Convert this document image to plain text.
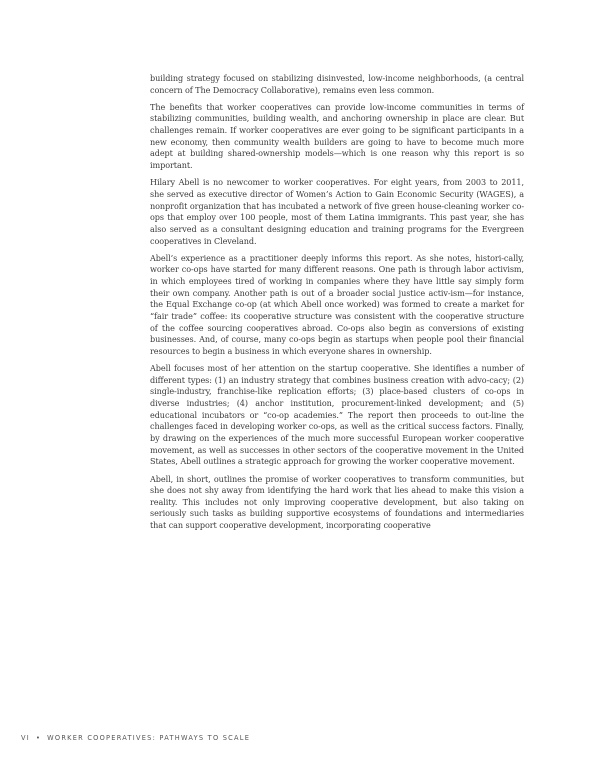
building strategy focused on stabilizing disinvested, low-income neighborhoods, (a central concern of The Democracy Collaborative), remains even less common.

The benefits that worker cooperatives can provide low-income communities in terms of stabilizing communities, building wealth, and anchoring ownership in place are clear. But challenges remain. If worker cooperatives are ever going to be significant participants in a new economy, then community wealth builders are going to have to become much more adept at building shared-ownership models—which is one reason why this report is so important.

Hilary Abell is no newcomer to worker cooperatives. For eight years, from 2003 to 2011, she served as executive director of Women’s Action to Gain Economic Security (WAGES), a nonprofit organization that has incubated a network of five green house-cleaning worker co-ops that employ over 100 people, most of them Latina immigrants. This past year, she has also served as a consultant designing education and training programs for the Evergreen cooperatives in Cleveland.

Abell’s experience as a practitioner deeply informs this report. As she notes, histori-cally, worker co-ops have started for many different reasons. One path is through labor activism, in which employees tired of working in companies where they have little say simply form their own company. Another path is out of a broader social justice activ-ism—for instance, the Equal Exchange co-op (at which Abell once worked) was formed to create a market for “fair trade” coffee: its cooperative structure was consistent with the cooperative structure of the coffee sourcing cooperatives abroad. Co-ops also begin as conversions of existing businesses. And, of course, many co-ops begin as startups when people pool their financial resources to begin a business in which everyone shares in ownership.

Abell focuses most of her attention on the startup cooperative. She identifies a number of different types: (1) an industry strategy that combines business creation with advo-cacy; (2) single-industry, franchise-like replication efforts; (3) place-based clusters of co-ops in diverse industries; (4) anchor institution, procurement-linked development; and (5) educational incubators or “co-op academies.” The report then proceeds to out-line the challenges faced in developing worker co-ops, as well as the critical success factors. Finally, by drawing on the experiences of the much more successful European worker cooperative movement, as well as successes in other sectors of the cooperative movement in the United States, Abell outlines a strategic approach for growing the worker cooperative movement.

Abell, in short, outlines the promise of worker cooperatives to transform communities, but she does not shy away from identifying the hard work that lies ahead to make this vision a reality. This includes not only improving cooperative development, but also taking on seriously such tasks as building supportive ecosystems of foundations and intermediaries that can support cooperative development, incorporating cooperative

VI • WORKER COOPERATIVES: PATHWAYS TO SCALE
